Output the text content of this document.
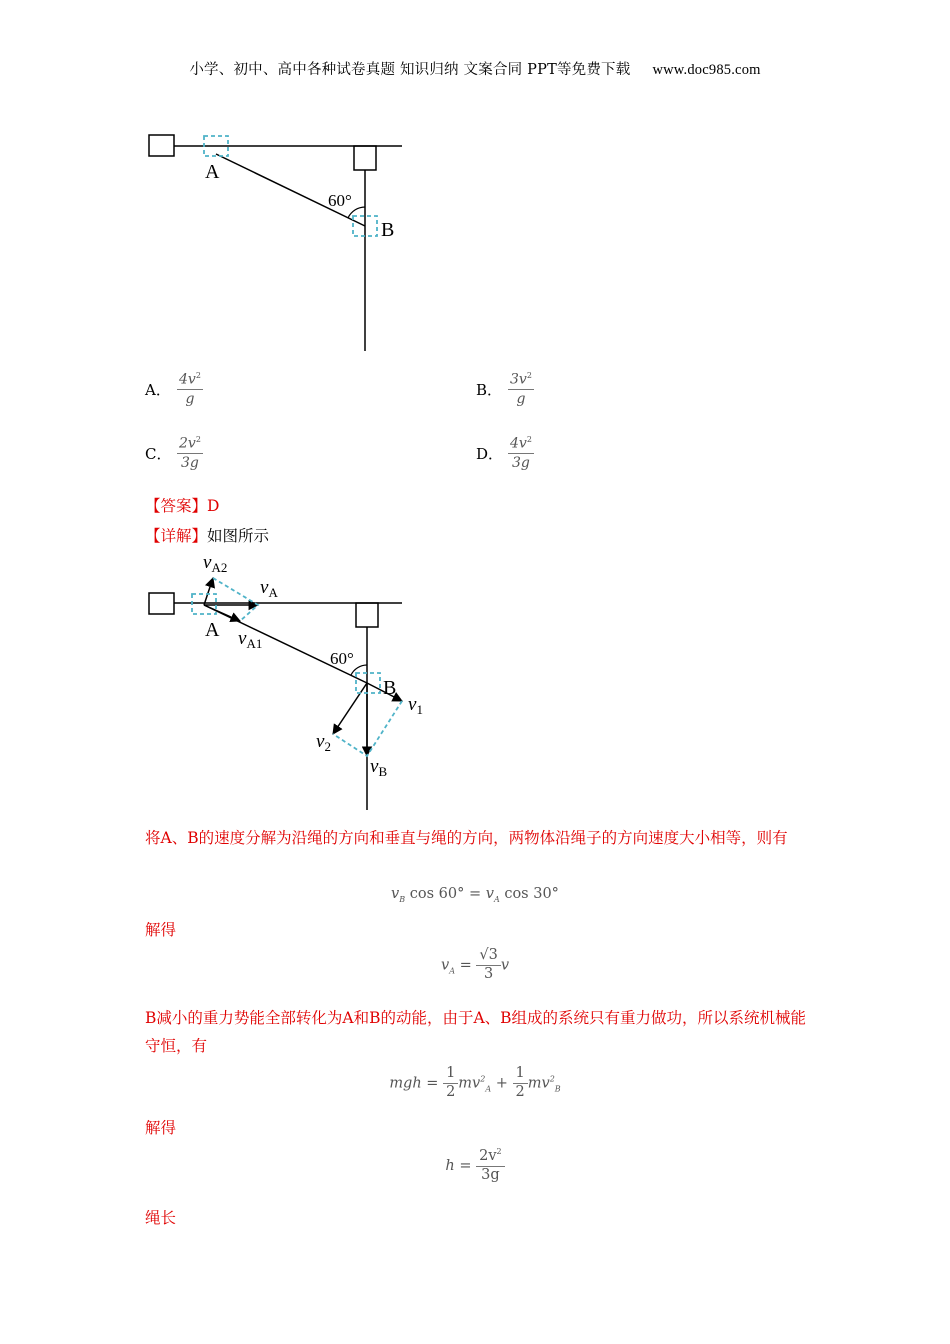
小学、初中、高中各种试卷真题 知识归纳 文案合同 PPT等免费下载 www.doc985.com
A
B
60°
A． $\frac{4v^2}{g}$	B． $\frac{3v^2}{g}$
C． $\frac{2v^2}{3g}$	D． $\frac{4v^2}{3g}$
【答案】D
【详解】如图所示
A
B
60°
$v_{A2}$
$v_A$
$v_{A1}$
$v_1$
$v_2$
$v_B$
将A、B的速度分解为沿绳的方向和垂直与绳的方向，两物体沿绳子的方向速度大小相等，则有
$v_B$ $\cos 60^\circ = v_A$ cos 30°
解得
$v_A = \frac{√3}{3}$ v
B减小的重力势能全部转化为A和B的动能，由于A、B组成的系统只有重力做功，所以系统机械能守恒，有
mgh = $\frac{1}{2} mv^2_A + \frac{1}{2} mv^2_B$
解得
$h = \frac{2v^2}{3g}$
绳长
